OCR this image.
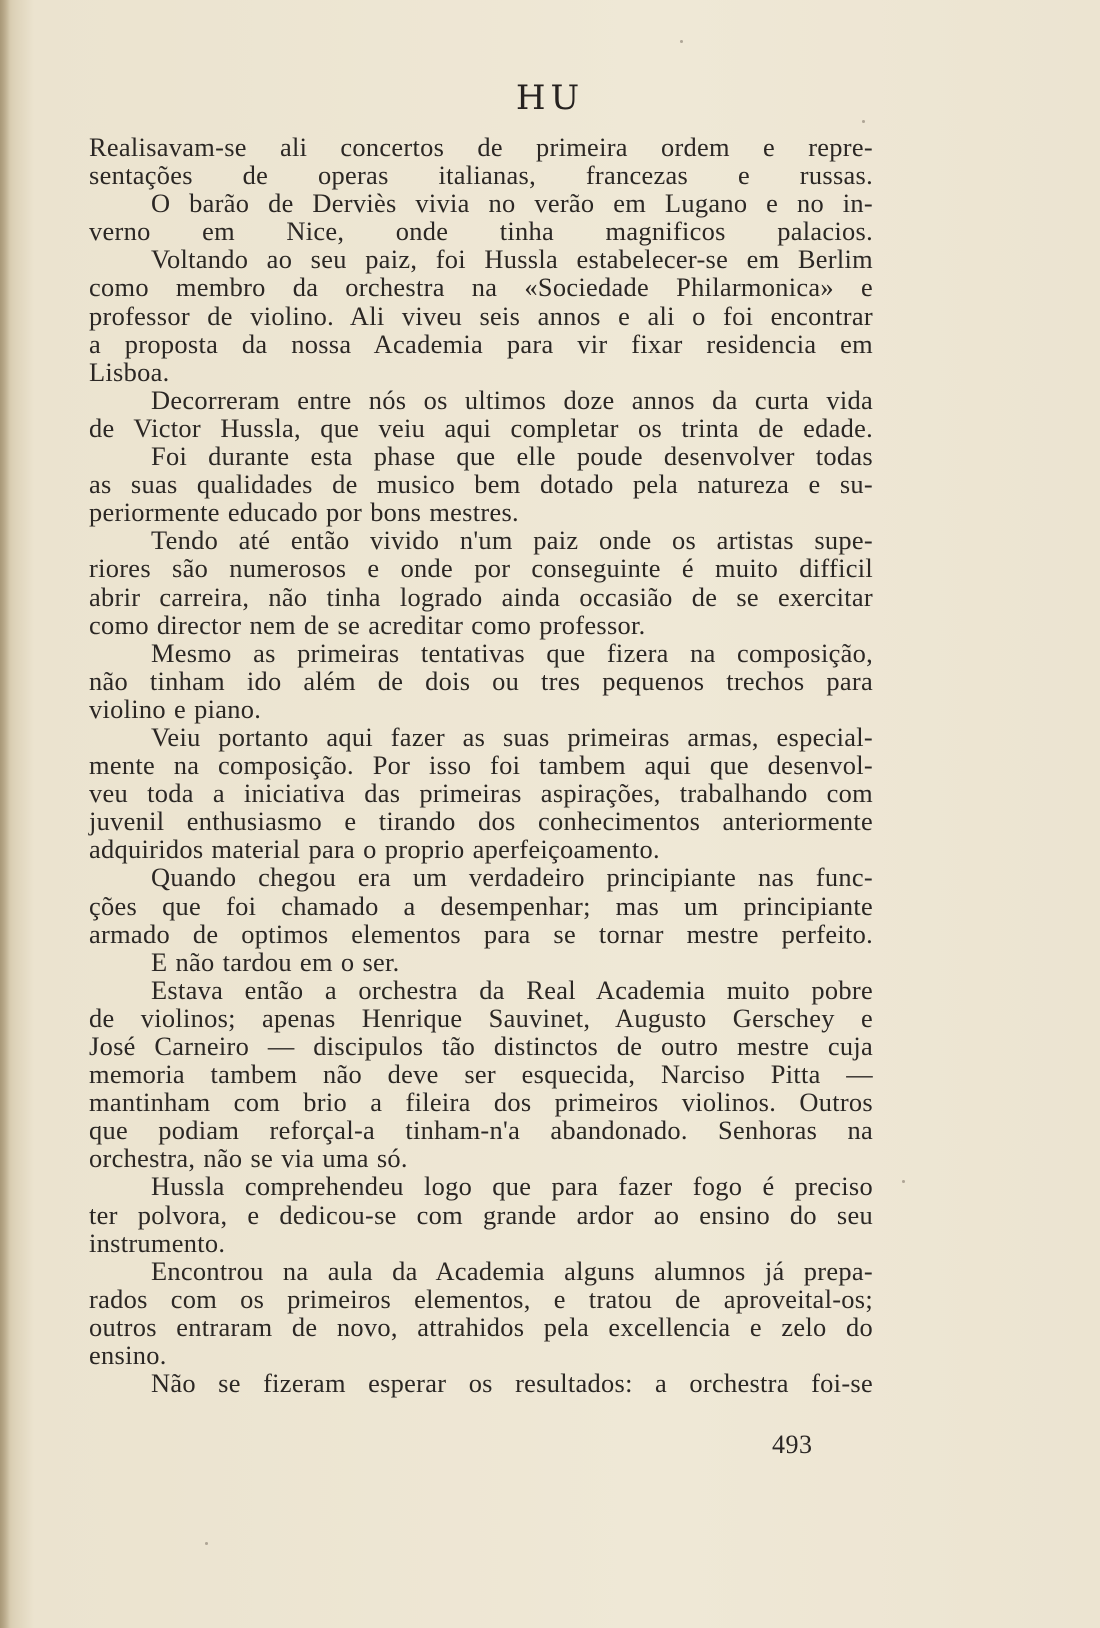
HU
Realisavam-se ali concertos de primeira ordem e repre-
sentações de operas italianas, francezas e russas.
O barão de Derviès vivia no verão em Lugano e no in-
verno em Nice, onde tinha magnificos palacios.
Voltando ao seu paiz, foi Hussla estabelecer-se em Berlim
como membro da orchestra na «Sociedade Philarmonica» e
professor de violino. Ali viveu seis annos e ali o foi encontrar
a proposta da nossa Academia para vir fixar residencia em
Lisboa.
Decorreram entre nós os ultimos doze annos da curta vida
de Victor Hussla, que veiu aqui completar os trinta de edade.
Foi durante esta phase que elle poude desenvolver todas
as suas qualidades de musico bem dotado pela natureza e su-
periormente educado por bons mestres.
Tendo até então vivido n'um paiz onde os artistas supe-
riores são numerosos e onde por conseguinte é muito difficil
abrir carreira, não tinha logrado ainda occasião de se exercitar
como director nem de se acreditar como professor.
Mesmo as primeiras tentativas que fizera na composição,
não tinham ido além de dois ou tres pequenos trechos para
violino e piano.
Veiu portanto aqui fazer as suas primeiras armas, especial-
mente na composição. Por isso foi tambem aqui que desenvol-
veu toda a iniciativa das primeiras aspirações, trabalhando com
juvenil enthusiasmo e tirando dos conhecimentos anteriormente
adquiridos material para o proprio aperfeiçoamento.
Quando chegou era um verdadeiro principiante nas func-
ções que foi chamado a desempenhar; mas um principiante
armado de optimos elementos para se tornar mestre perfeito.
E não tardou em o ser.
Estava então a orchestra da Real Academia muito pobre
de violinos; apenas Henrique Sauvinet, Augusto Gerschey e
José Carneiro — discipulos tão distinctos de outro mestre cuja
memoria tambem não deve ser esquecida, Narciso Pitta —
mantinham com brio a fileira dos primeiros violinos. Outros
que podiam reforçal-a tinham-n'a abandonado. Senhoras na
orchestra, não se via uma só.
Hussla comprehendeu logo que para fazer fogo é preciso
ter polvora, e dedicou-se com grande ardor ao ensino do seu
instrumento.
Encontrou na aula da Academia alguns alumnos já prepa-
rados com os primeiros elementos, e tratou de aproveital-os;
outros entraram de novo, attrahidos pela excellencia e zelo do
ensino.
Não se fizeram esperar os resultados: a orchestra foi-se
493
